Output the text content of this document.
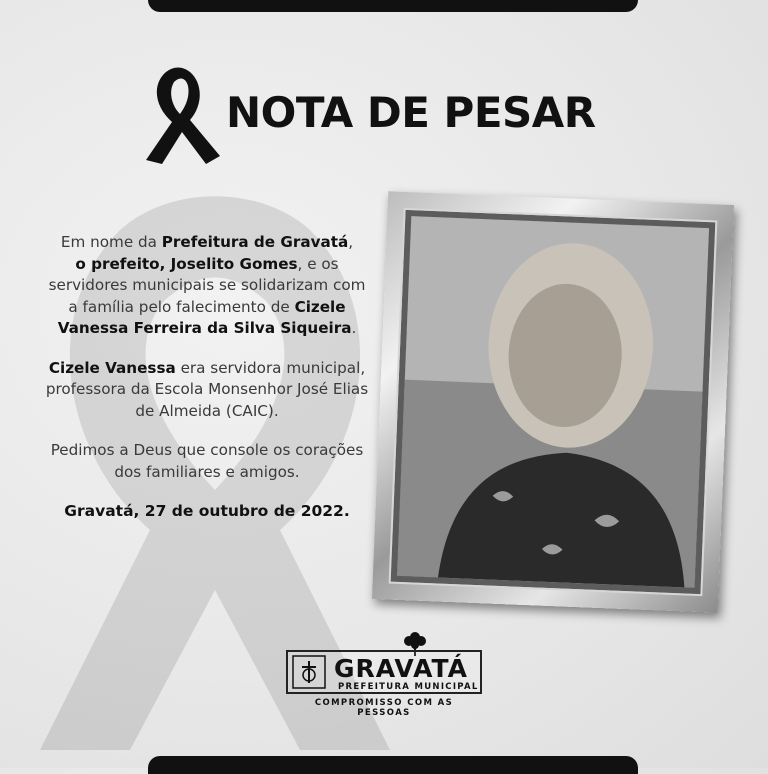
NOTA DE PESAR

Em nome da Prefeitura de Gravatá,
o prefeito, Joselito Gomes, e os servidores municipais se solidarizam com a família pelo falecimento de Cizele Vanessa Ferreira da Silva Siqueira.

Cizele Vanessa era servidora municipal, professora da Escola Monsenhor José Elias de Almeida (CAIC).

Pedimos a Deus que console os corações dos familiares e amigos.

Gravatá, 27 de outubro de 2022.

GRAVATÁ
PREFEITURA MUNICIPAL
COMPROMISSO COM AS PESSOAS
